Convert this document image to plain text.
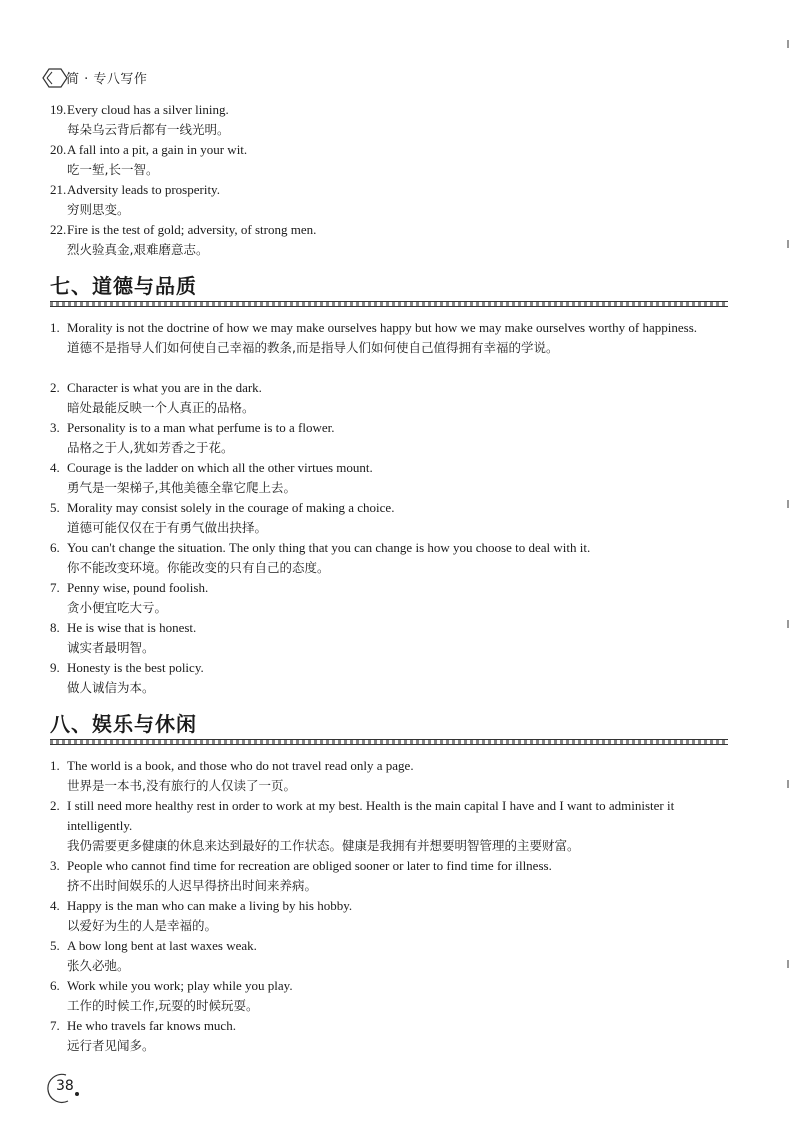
简 · 专八写作
19. Every cloud has a silver lining.
每朵乌云背后都有一线光明。
20. A fall into a pit, a gain in your wit.
吃一堑,长一智。
21. Adversity leads to prosperity.
穷则思变。
22. Fire is the test of gold; adversity, of strong men.
烈火验真金,艰难磨意志。
七、道德与品质
1. Morality is not the doctrine of how we may make ourselves happy but how we may make ourselves worthy of happiness.
道德不是指导人们如何使自己幸福的教条,而是指导人们如何使自己值得拥有幸福的学说。
2. Character is what you are in the dark.
暗处最能反映一个人真正的品格。
3. Personality is to a man what perfume is to a flower.
品格之于人,犹如芳香之于花。
4. Courage is the ladder on which all the other virtues mount.
勇气是一架梯子,其他美德全靠它爬上去。
5. Morality may consist solely in the courage of making a choice.
道德可能仅仅在于有勇气做出抉择。
6. You can't change the situation. The only thing that you can change is how you choose to deal with it.
你不能改变环境。你能改变的只有自己的态度。
7. Penny wise, pound foolish.
贪小便宜吃大亏。
8. He is wise that is honest.
诚实者最明智。
9. Honesty is the best policy.
做人诚信为本。
八、娱乐与休闲
1. The world is a book, and those who do not travel read only a page.
世界是一本书,没有旅行的人仅读了一页。
2. I still need more healthy rest in order to work at my best. Health is the main capital I have and I want to administer it intelligently.
我仍需要更多健康的休息来达到最好的工作状态。健康是我拥有并想要明智管理的主要财富。
3. People who cannot find time for recreation are obliged sooner or later to find time for illness.
挤不出时间娱乐的人迟早得挤出时间来养病。
4. Happy is the man who can make a living by his hobby.
以爱好为生的人是幸福的。
5. A bow long bent at last waxes weak.
张久必弛。
6. Work while you work; play while you play.
工作的时候工作,玩耍的时候玩耍。
7. He who travels far knows much.
远行者见闻多。
38
